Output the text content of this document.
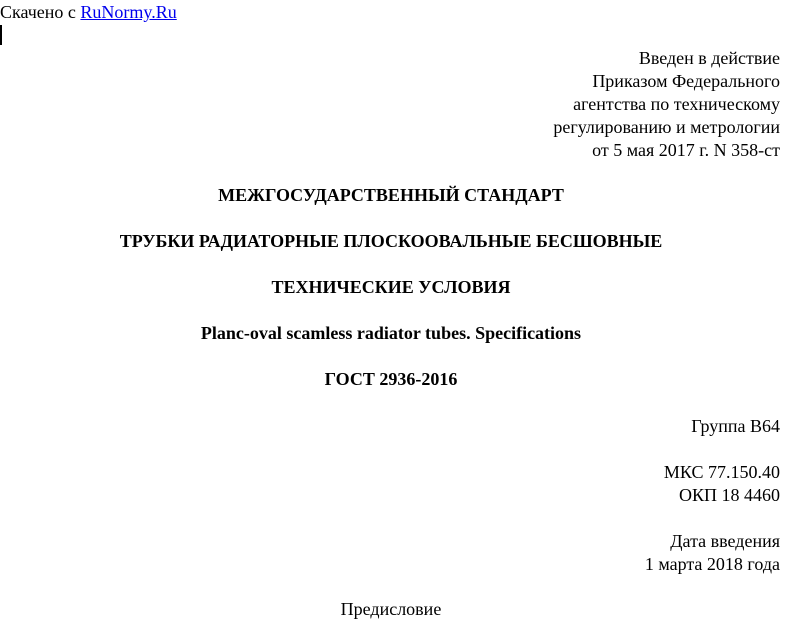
Скачено с RuNormy.Ru
Введен в действие
Приказом Федерального
агентства по техническому
регулированию и метрологии
от 5 мая 2017 г. N 358-ст
МЕЖГОСУДАРСТВЕННЫЙ СТАНДАРТ
ТРУБКИ РАДИАТОРНЫЕ ПЛОСКООВАЛЬНЫЕ БЕСШОВНЫЕ
ТЕХНИЧЕСКИЕ УСЛОВИЯ
Planc-oval scamless radiator tubes. Specifications
ГОСТ 2936-2016
Группа В64
МКС 77.150.40
ОКП 18 4460
Дата введения
1 марта 2018 года
Предисловие
